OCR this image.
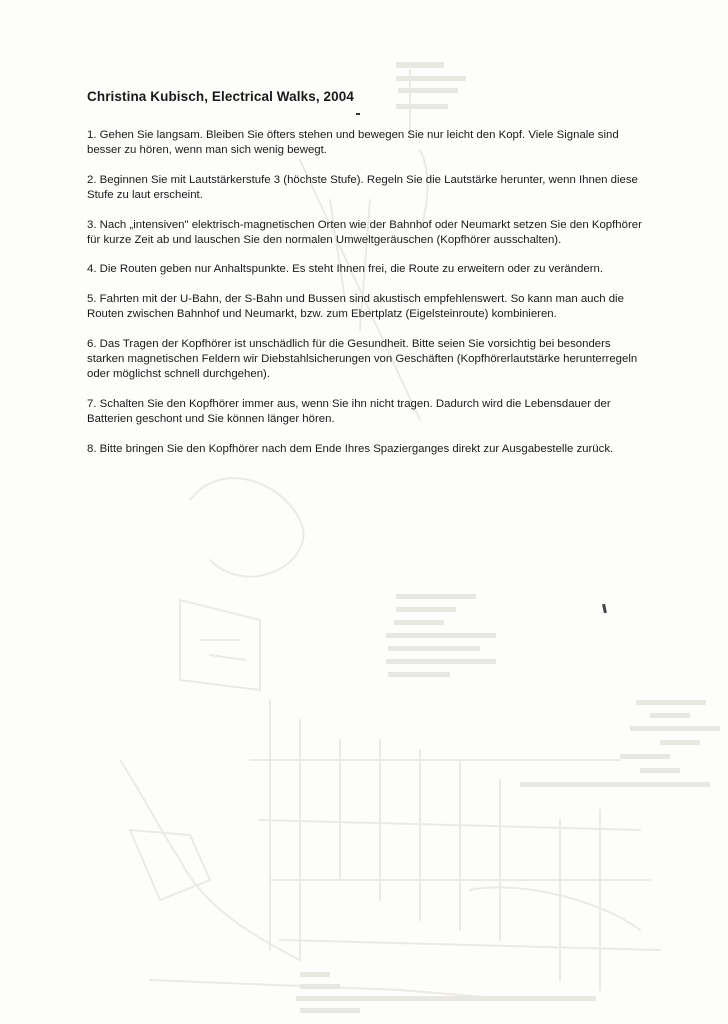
Christina Kubisch, Electrical Walks, 2004
1. Gehen Sie langsam. Bleiben Sie öfters stehen und bewegen Sie nur leicht den Kopf. Viele Signale sind besser zu hören, wenn man sich wenig bewegt.
2. Beginnen Sie mit Lautstärkerstufe 3 (höchste Stufe). Regeln Sie die Lautstärke herunter, wenn Ihnen diese Stufe zu laut erscheint.
3. Nach „intensiven" elektrisch-magnetischen Orten wie der Bahnhof oder Neumarkt setzen Sie den Kopfhörer für kurze Zeit ab und lauschen Sie den normalen Umweltgeräuschen (Kopfhörer ausschalten).
4. Die Routen geben nur Anhaltspunkte. Es steht Ihnen frei, die Route zu erweitern oder zu verändern.
5. Fahrten mit der U-Bahn, der S-Bahn und Bussen sind akustisch empfehlenswert. So kann man auch die Routen zwischen Bahnhof und Neumarkt, bzw. zum Ebertplatz (Eigelsteinroute) kombinieren.
6. Das Tragen der Kopfhörer ist unschädlich für die Gesundheit. Bitte seien Sie vorsichtig bei besonders starken magnetischen Feldern wir Diebstahlsicherungen von Geschäften (Kopfhörerlautstärke herunterregeln oder möglichst schnell durchgehen).
7. Schalten Sie den Kopfhörer immer aus, wenn Sie ihn nicht tragen. Dadurch wird die Lebensdauer der Batterien geschont und Sie können länger hören.
8. Bitte bringen Sie den Kopfhörer nach dem Ende Ihres Spazierganges direkt zur Ausgabestelle zurück.
